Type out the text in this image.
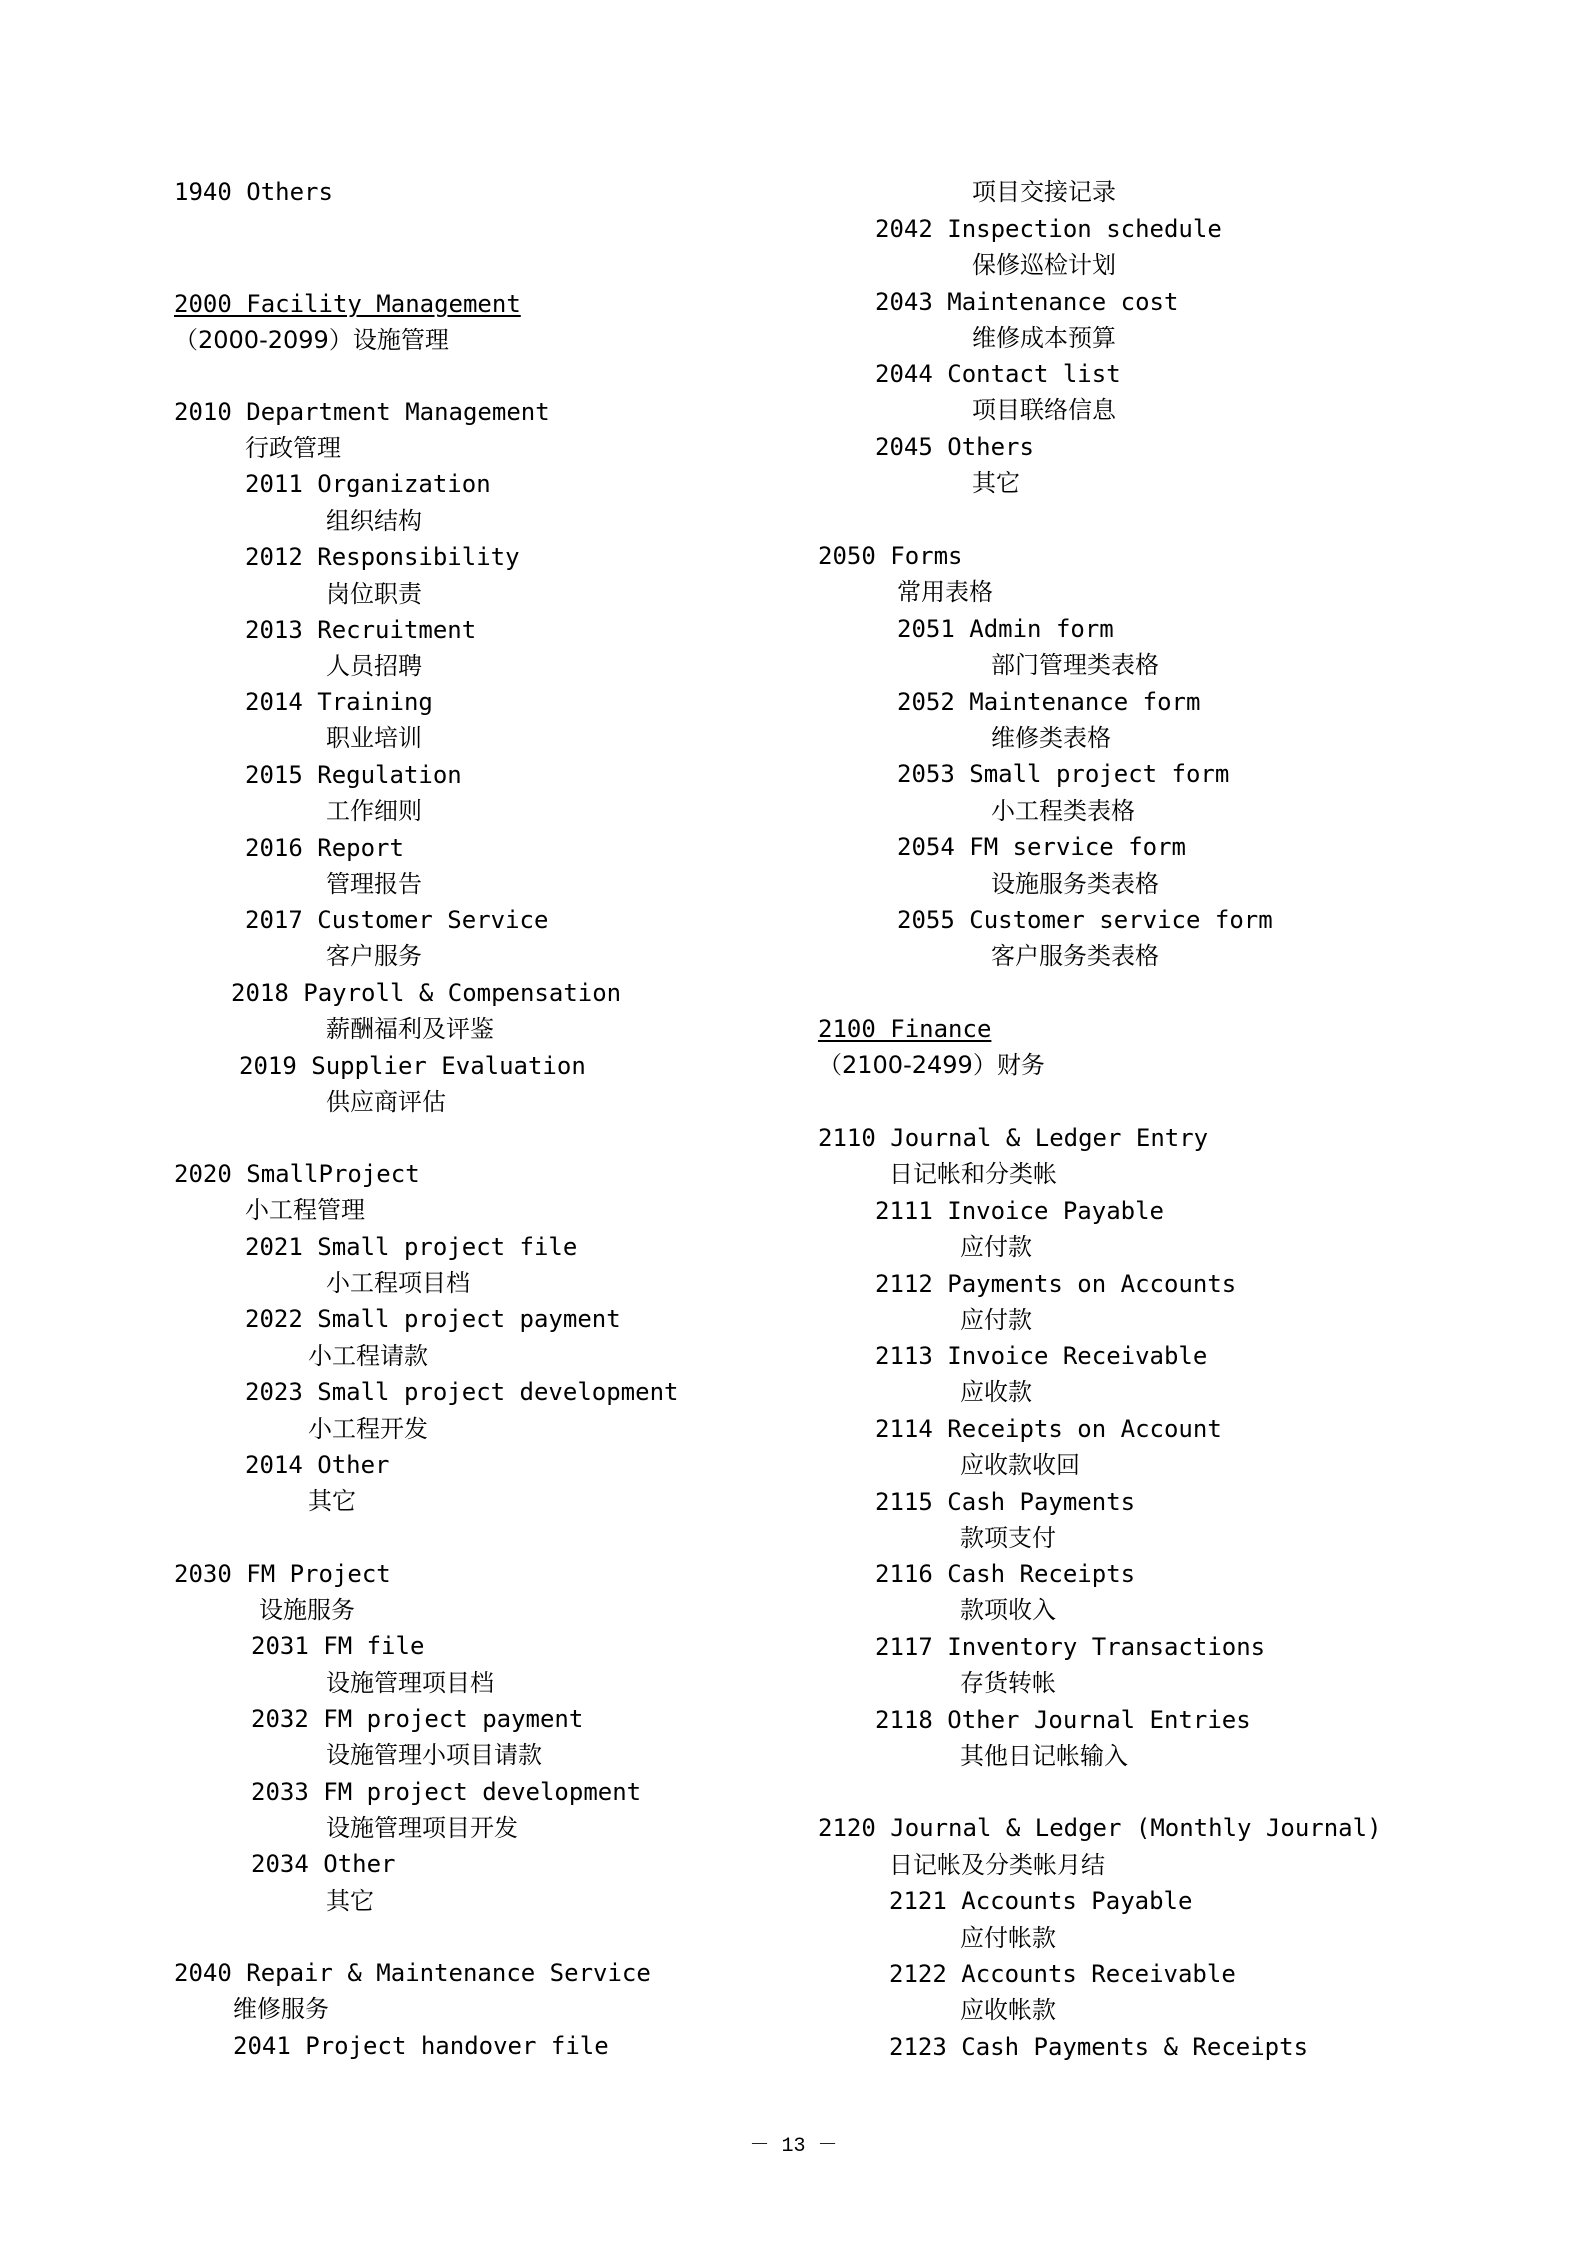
1940 Others
2000 Facility Management
（2000-2099）设施管理
2010 Department Management
行政管理
2011 Organization
组织结构
2012 Responsibility
岗位职责
2013 Recruitment
人员招聘
2014 Training
职业培训
2015 Regulation
工作细则
2016 Report
管理报告
2017 Customer Service
客户服务
2018 Payroll & Compensation
薪酬福利及评鉴
2019 Supplier Evaluation
供应商评估
2020 SmallProject
小工程管理
2021 Small project file
小工程项目档
2022 Small project payment
小工程请款
2023 Small project development
小工程开发
2014 Other
其它
2030 FM Project
设施服务
2031 FM file
设施管理项目档
2032 FM project payment
设施管理小项目请款
2033 FM project development
设施管理项目开发
2034 Other
其它
2040 Repair & Maintenance Service
维修服务
2041 Project handover file
项目交接记录
2042 Inspection schedule
保修巡检计划
2043 Maintenance cost
维修成本预算
2044 Contact list
项目联络信息
2045 Others
其它
2050 Forms
常用表格
2051 Admin form
部门管理类表格
2052 Maintenance form
维修类表格
2053 Small project form
小工程类表格
2054 FM service form
设施服务类表格
2055 Customer service form
客户服务类表格
2100 Finance
（2100-2499）财务
2110 Journal & Ledger Entry
日记帐和分类帐
2111 Invoice Payable
应付款
2112 Payments on Accounts
应付款
2113 Invoice Receivable
应收款
2114 Receipts on Account
应收款收回
2115 Cash Payments
款项支付
2116 Cash Receipts
款项收入
2117 Inventory Transactions
存货转帐
2118 Other Journal Entries
其他日记帐输入
2120 Journal & Ledger (Monthly Journal)
日记帐及分类帐月结
2121 Accounts Payable
应付帐款
2122 Accounts Receivable
应收帐款
2123 Cash Payments & Receipts
－ 13 －
